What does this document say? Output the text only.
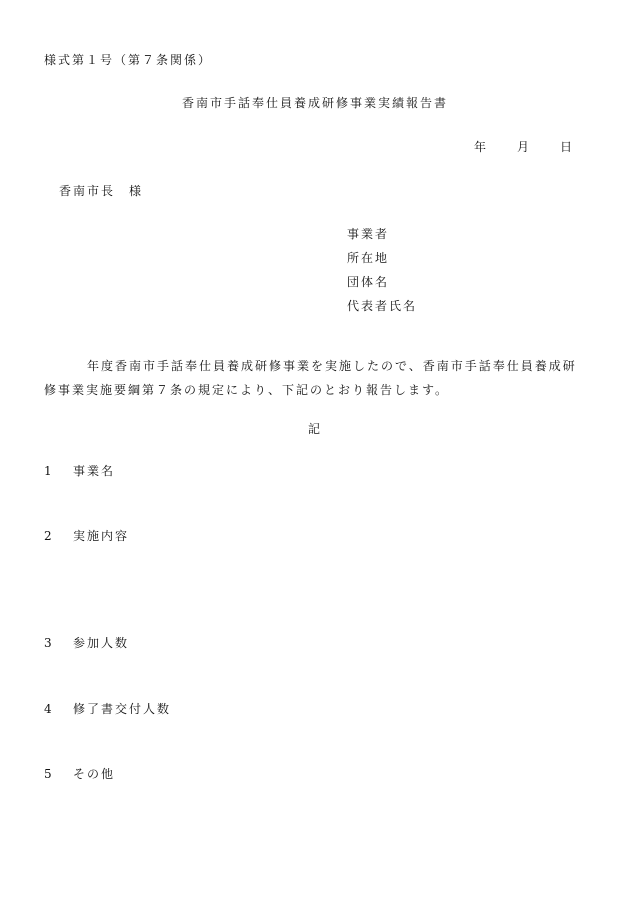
様式第１号（第７条関係）
香南市手話奉仕員養成研修事業実績報告書
年 月 日
香南市長 様
事業者
所在地
団体名
代表者氏名
年度香南市手話奉仕員養成研修事業を実施したので、香南市手話奉仕員養成研修事業実施要綱第７条の規定により、下記のとおり報告します。
記
1 事業名
2 実施内容
3 参加人数
4 修了書交付人数
5 その他
